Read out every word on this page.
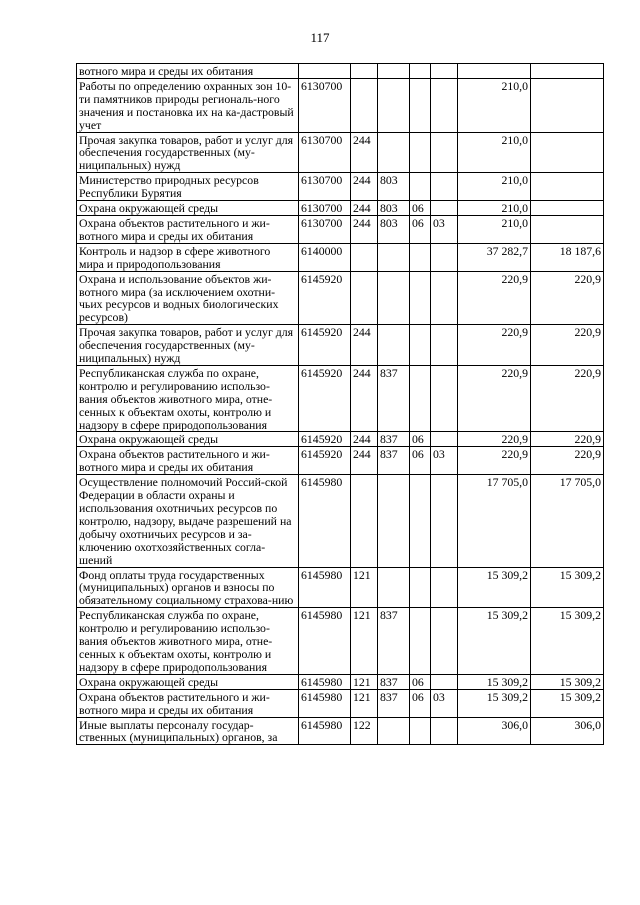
117
вотного мира и среды их обитания							
Работы по определению охранных зон 10-ти памятников природы региональ-ного значения и постановка их на ка-дастровый учет	6130700					210,0	
Прочая закупка товаров, работ и услуг для обеспечения государственных (му-ниципальных) нужд	6130700	244				210,0	
Министерство природных ресурсов Республики Бурятия	6130700	244	803			210,0	
Охрана окружающей среды	6130700	244	803	06		210,0	
Охрана объектов растительного и жи-вотного мира и среды их обитания	6130700	244	803	06	03	210,0	
Контроль и надзор в сфере животного мира и природопользования	6140000					37 282,7	18 187,6
Охрана и использование объектов жи-вотного мира (за исключением охотни-чьих ресурсов и водных биологических ресурсов)	6145920					220,9	220,9
Прочая закупка товаров, работ и услуг для обеспечения государственных (му-ниципальных) нужд	6145920	244				220,9	220,9
Республиканская служба по охране, контролю и регулированию использо-вания объектов животного мира, отне-сенных к объектам охоты, контролю и надзору в сфере природопользования	6145920	244	837			220,9	220,9
Охрана окружающей среды	6145920	244	837	06		220,9	220,9
Охрана объектов растительного и жи-вотного мира и среды их обитания	6145920	244	837	06	03	220,9	220,9
Осуществление полномочий Россий-ской Федерации в области охраны и использования охотничьих ресурсов по контролю, надзору, выдаче разрешений на добычу охотничьих ресурсов и за-ключению охотхозяйственных согла-шений	6145980					17 705,0	17 705,0
Фонд оплаты труда государственных (муниципальных) органов и взносы по обязательному социальному страхова-нию	6145980	121				15 309,2	15 309,2
Республиканская служба по охране, контролю и регулированию использо-вания объектов животного мира, отне-сенных к объектам охоты, контролю и надзору в сфере природопользования	6145980	121	837			15 309,2	15 309,2
Охрана окружающей среды	6145980	121	837	06		15 309,2	15 309,2
Охрана объектов растительного и жи-вотного мира и среды их обитания	6145980	121	837	06	03	15 309,2	15 309,2
Иные выплаты персоналу государ-ственных (муниципальных) органов, за	6145980	122				306,0	306,0
